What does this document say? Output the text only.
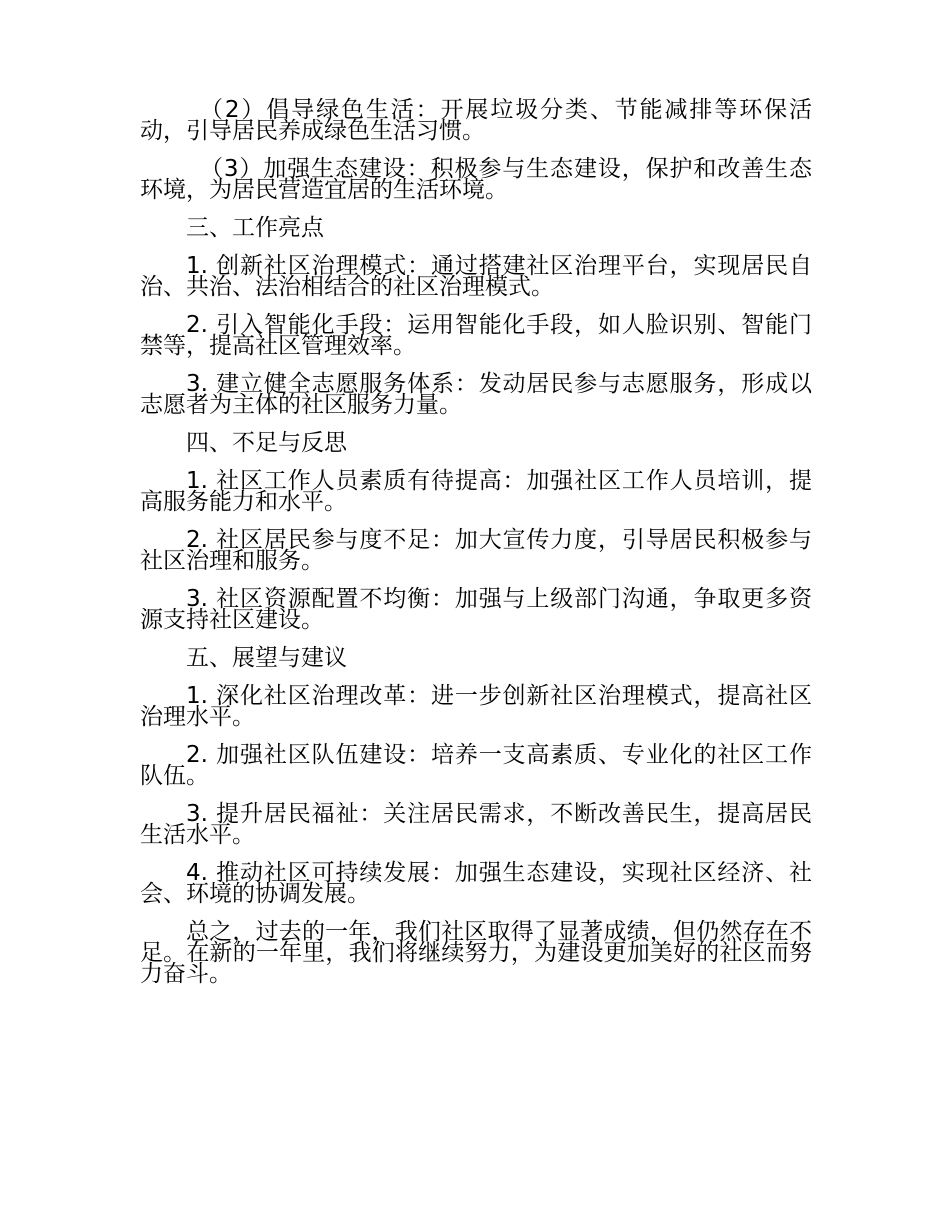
（2）倡导绿色生活：开展垃圾分类、节能减排等环保活动，引导居民养成绿色生活习惯。

（3）加强生态建设：积极参与生态建设，保护和改善生态环境，为居民营造宜居的生活环境。

三、工作亮点

1. 创新社区治理模式：通过搭建社区治理平台，实现居民自治、共治、法治相结合的社区治理模式。

2. 引入智能化手段：运用智能化手段，如人脸识别、智能门禁等，提高社区管理效率。

3. 建立健全志愿服务体系：发动居民参与志愿服务，形成以志愿者为主体的社区服务力量。

四、不足与反思

1. 社区工作人员素质有待提高：加强社区工作人员培训，提高服务能力和水平。

2. 社区居民参与度不足：加大宣传力度，引导居民积极参与社区治理和服务。

3. 社区资源配置不均衡：加强与上级部门沟通，争取更多资源支持社区建设。

五、展望与建议

1. 深化社区治理改革：进一步创新社区治理模式，提高社区治理水平。

2. 加强社区队伍建设：培养一支高素质、专业化的社区工作队伍。

3. 提升居民福祉：关注居民需求，不断改善民生，提高居民生活水平。

4. 推动社区可持续发展：加强生态建设，实现社区经济、社会、环境的协调发展。

总之，过去的一年，我们社区取得了显著成绩，但仍然存在不足。在新的一年里，我们将继续努力，为建设更加美好的社区而努力奋斗。
